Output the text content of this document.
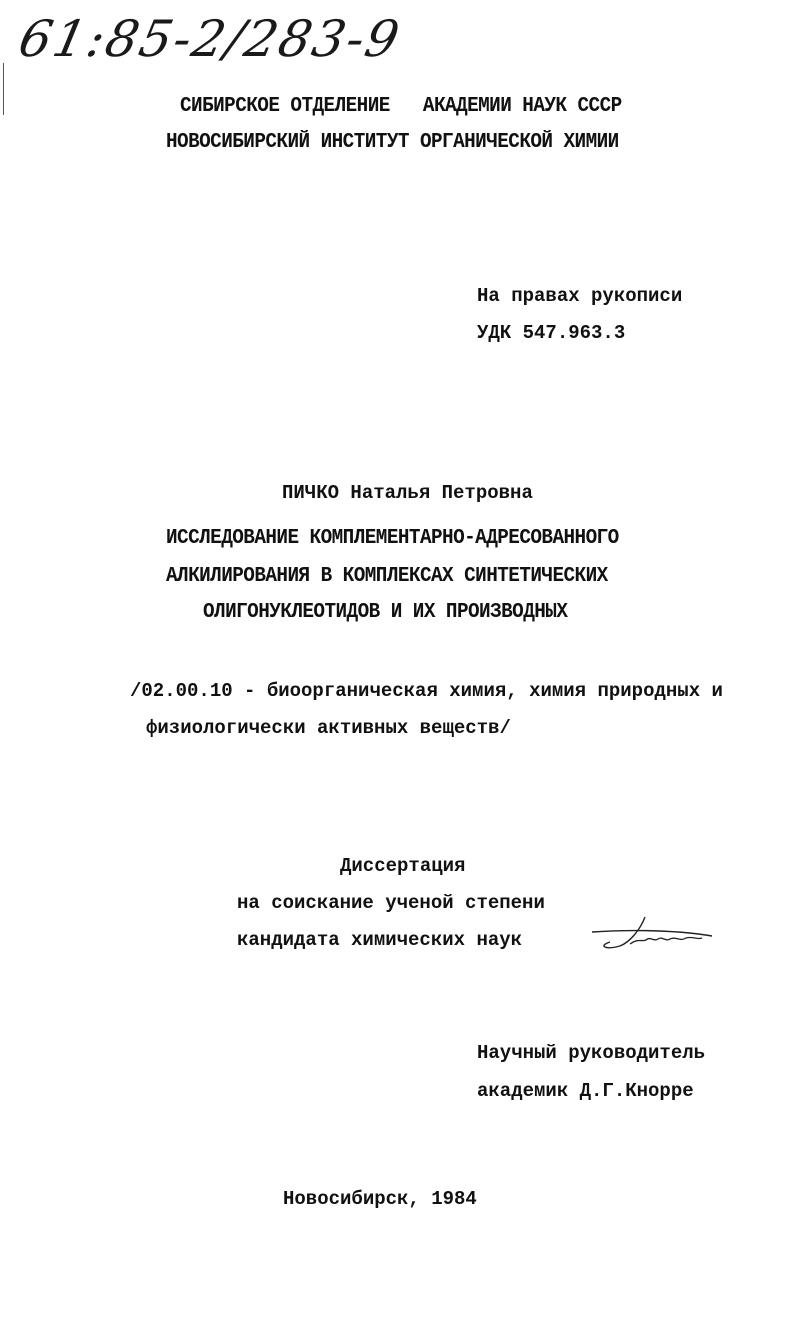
61:85-2/283-9
СИБИРСКОЕ ОТДЕЛЕНИЕ   АКАДЕМИИ НАУК СССР
НОВОСИБИРСКИЙ ИНСТИТУТ ОРГАНИЧЕСКОЙ ХИМИИ
На правах рукописи
УДК 547.963.3
ПИЧКО Наталья Петровна
ИССЛЕДОВАНИЕ КОМПЛЕМЕНТАРНО-АДРЕСОВАННОГО
АЛКИЛИРОВАНИЯ В КОМПЛЕКСАХ СИНТЕТИЧЕСКИХ
ОЛИГОНУКЛЕОТИДОВ И ИХ ПРОИЗВОДНЫХ
/02.00.10 - биоорганическая химия, химия природных и
физиологически активных веществ/
Диссертация
на соискание ученой степени
кандидата химических наук
Научный руководитель
академик Д.Г.Кнорре
Новосибирск, 1984
